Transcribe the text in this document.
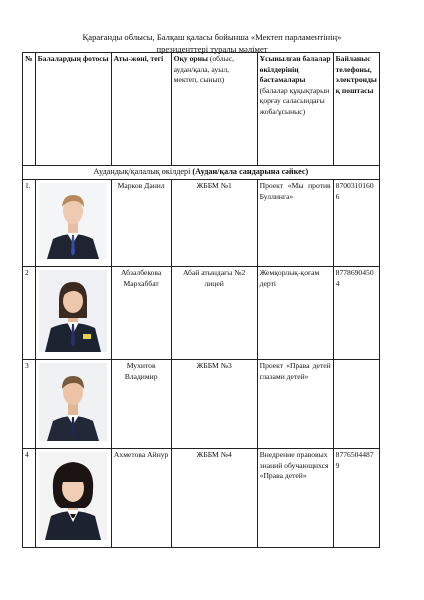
Қарағанды облысы, Балқаш қаласы бойынша «Мектеп парламентінің»
президенттері туралы мәлімет
№	Балалардың фотосы	Аты-жөні, тегі	Оқу орны (облыс, аудан/қала, ауыл, мектеп, сынып)	Ұсынылған балалар өкілдерінің бастамалары (балалар құқықтарын қорғау саласындағы жоба/ұсыныс)	Байланыс телефоны, электронды қ поштасы
Аудандық/қалалық өкілдері (Аудан/қала сандарына сәйкес)					
1.		Марков Данил	ЖББМ №1	Проект «Мы против Буллинга»	87003101606
2		Абзалбекова Мархаббат	Абай атындағы №2 лицей	Жемқорлық-қоғам дерті	87786904504
3		Мухитов Владимир	ЖББМ №3	Проект «Права детей глазами детей»	
4		Ахметова Айнур	ЖББМ №4	Внедрение правовых знаний обучающихся «Права детей»	87765044879
